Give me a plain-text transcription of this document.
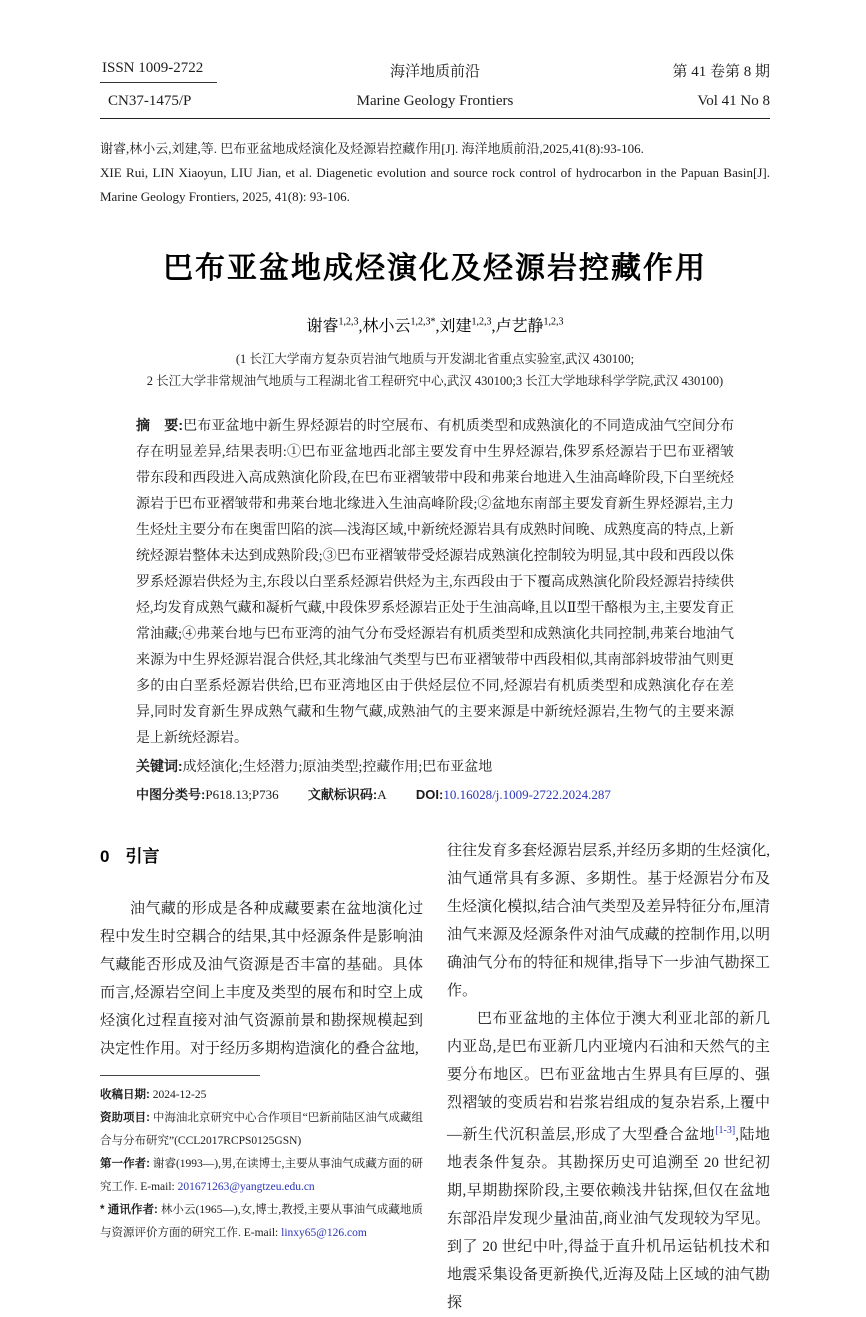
ISSN 1009-2722
CN37-1475/P
海洋地质前沿
Marine Geology Frontiers
第 41 卷第 8 期
Vol 41 No 8

谢睿,林小云,刘建,等. 巴布亚盆地成烃演化及烃源岩控藏作用[J]. 海洋地质前沿,2025,41(8):93-106.

XIE Rui, LIN Xiaoyun, LIU Jian, et al. Diagenetic evolution and source rock control of hydrocarbon in the Papuan Basin[J]. Marine Geology Frontiers, 2025, 41(8): 93-106.

巴布亚盆地成烃演化及烃源岩控藏作用
谢睿$^{1,2,3}$,林小云$^{1,2,3*}$,刘建$^{1,2,3}$,卢艺静$^{1,2,3}$
(1 长江大学南方复杂页岩油气地质与开发湖北省重点实验室,武汉 430100;
2 长江大学非常规油气地质与工程湖北省工程研究中心,武汉 430100;3 长江大学地球科学学院,武汉 430100)
摘　要:巴布亚盆地中新生界烃源岩的时空展布、有机质类型和成熟演化的不同造成油气空间分布存在明显差异,结果表明:①巴布亚盆地西北部主要发育中生界烃源岩,侏罗系烃源岩于巴布亚褶皱带东段和西段进入高成熟演化阶段,在巴布亚褶皱带中段和弗莱台地进入生油高峰阶段,下白垩统烃源岩于巴布亚褶皱带和弗莱台地北缘进入生油高峰阶段;②盆地东南部主要发育新生界烃源岩,主力生烃灶主要分布在奥雷凹陷的滨—浅海区域,中新统烃源岩具有成熟时间晚、成熟度高的特点,上新统烃源岩整体未达到成熟阶段;③巴布亚褶皱带受烃源岩成熟演化控制较为明显,其中段和西段以侏罗系烃源岩供烃为主,东段以白垩系烃源岩供烃为主,东西段由于下覆高成熟演化阶段烃源岩持续供烃,均发育成熟气藏和凝析气藏,中段侏罗系烃源岩正处于生油高峰,且以Ⅱ型干酪根为主,主要发育正常油藏;④弗莱台地与巴布亚湾的油气分布受烃源岩有机质类型和成熟演化共同控制,弗莱台地油气来源为中生界烃源岩混合供烃,其北缘油气类型与巴布亚褶皱带中西段相似,其南部斜坡带油气则更多的由白垩系烃源岩供给,巴布亚湾地区由于供烃层位不同,烃源岩有机质类型和成熟演化存在差异,同时发育新生界成熟气藏和生物气藏,成熟油气的主要来源是中新统烃源岩,生物气的主要来源是上新统烃源岩。
关键词:成烃演化;生烃潜力;原油类型;控藏作用;巴布亚盆地
中图分类号:P618.13;P736 文献标识码:A DOI:10.16028/j.1009-2722.2024.287
0 引言

油气藏的形成是各种成藏要素在盆地演化过程中发生时空耦合的结果,其中烃源条件是影响油气藏能否形成及油气资源是否丰富的基础。具体而言,烃源岩空间上丰度及类型的展布和时空上成烃演化过程直接对油气资源前景和勘探规模起到决定性作用。对于经历多期构造演化的叠合盆地,

收稿日期: 2024-12-25

资助项目: 中海油北京研究中心合作项目“巴新前陆区油气成藏组合与分布研究”(CCL2017RCPS0125GSN)

第一作者: 谢睿(1993—),男,在读博士,主要从事油气成藏方面的研究工作. E-mail: 201671263@yangtzeu.edu.cn

* 通讯作者: 林小云(1965—),女,博士,教授,主要从事油气成藏地质与资源评价方面的研究工作. E-mail: linxy65@126.com

往往发育多套烃源岩层系,并经历多期的生烃演化,油气通常具有多源、多期性。基于烃源岩分布及生烃演化模拟,结合油气类型及差异特征分布,厘清油气来源及烃源条件对油气成藏的控制作用,以明确油气分布的特征和规律,指导下一步油气勘探工作。

巴布亚盆地的主体位于澳大利亚北部的新几内亚岛,是巴布亚新几内亚境内石油和天然气的主要分布地区。巴布亚盆地古生界具有巨厚的、强烈褶皱的变质岩和岩浆岩组成的复杂岩系,上覆中—新生代沉积盖层,形成了大型叠合盆地[1-3],陆地地表条件复杂。其勘探历史可追溯至 20 世纪初期,早期勘探阶段,主要依赖浅井钻探,但仅在盆地东部沿岸发现少量油苗,商业油气发现较为罕见。到了 20 世纪中叶,得益于直升机吊运钻机技术和地震采集设备更新换代,近海及陆上区域的油气勘探
